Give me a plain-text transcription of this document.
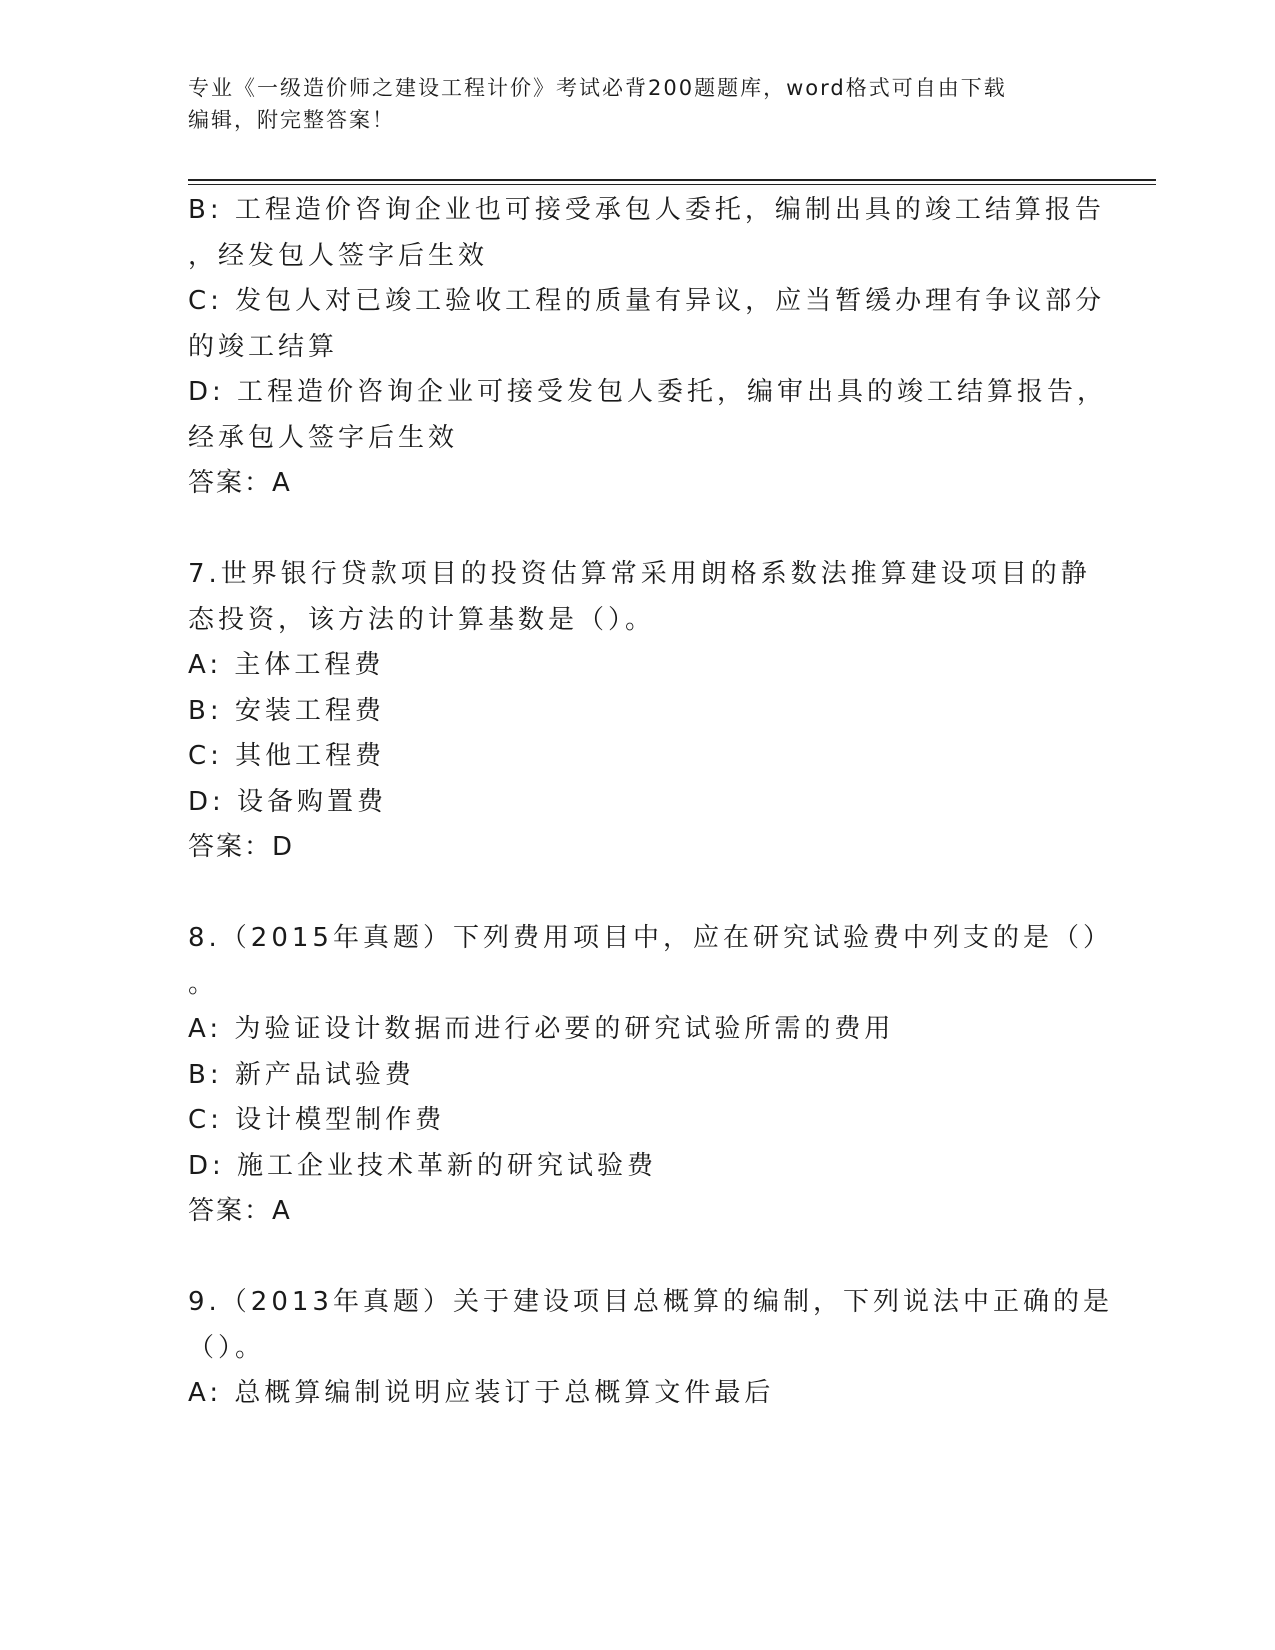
专业《一级造价师之建设工程计价》考试必背200题题库，word格式可自由下载
编辑，附完整答案！
B: 工程造价咨询企业也可接受承包人委托，编制出具的竣工结算报告
，经发包人签字后生效
C: 发包人对已竣工验收工程的质量有异议，应当暂缓办理有争议部分
的竣工结算
D: 工程造价咨询企业可接受发包人委托，编审出具的竣工结算报告，
经承包人签字后生效
答案：A
7.世界银行贷款项目的投资估算常采用朗格系数法推算建设项目的静
态投资，该方法的计算基数是（）。
A: 主体工程费
B: 安装工程费
C: 其他工程费
D: 设备购置费
答案：D
8.（2015年真题）下列费用项目中，应在研究试验费中列支的是（）
。
A: 为验证设计数据而进行必要的研究试验所需的费用
B: 新产品试验费
C: 设计模型制作费
D: 施工企业技术革新的研究试验费
答案：A
9.（2013年真题）关于建设项目总概算的编制，下列说法中正确的是
（）。
A: 总概算编制说明应装订于总概算文件最后
